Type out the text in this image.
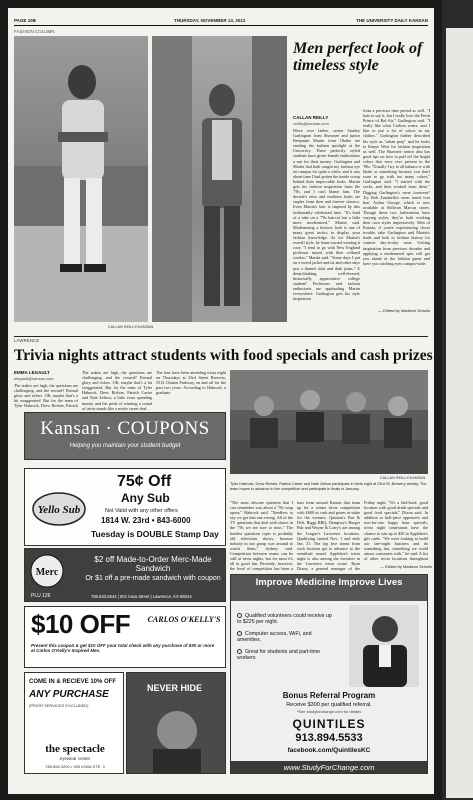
PAGE 10B	THURSDAY, NOVEMBER 13, 2012	THE UNIVERSITY DAILY KANSAN
FASHION COLUMN
CALLAN REILLY/KANSAN
Men perfect look of timeless style
CALLAN REILLY
creilly@kansan.com
Move over ladies, senior Stanley Garlington from Shawnee and junior Benjamin Martin from Olathe are stealing the fashion spotlight at the University. These perfectly styled students have given female fashionistas a run for their money. Garlington and Martin had both caught my fashion eye on campus for quite a while, and it was about time I had gotten the inside scoop behind their impeccable looks. Martin gets his fashion inspiration from the '70s, and I can't blame him. The decade's retro and northern looks are staples from then and forever classics. Even Martin's hair is inspired by this fashionably celebrated time. "It's kind of a take on a '70s haircut but a little more modernized," Martin said. Modernizing a historic look is one of many great tactics to display your fashion knowledge. As for Martin's overall style, he leans toward wearing it cozy. "I tend to go with New England professor mixed with blue collared worker," Martin said. "Some days I put on a tweed jacket and tie and other days just a flannel shirt and dark jeans." A deep-thinking, well-dressed, historically appreciative college student? Professors and fashion enthusiasts are applauding Martin everywhere. Garlington gets his style inspiration
from a previous time period as well. "I hate to say it, but I really love the Fresh Prince of Bel-Air," Garlington said. "I really like what Carlton wears, and I like to put a lot of colors in my clothes." Garlington further described his style as "urban prep" and he looks to Kanye West for fashion inspiration as well. The Shawnee senior also has good tips on how to pull off the bright colors that were ever present in the '90s. "Usually I try to all balance it with khaki or something because you don't want to go with too many colors," Garlington said. "I started with the socks, and then worked from there." Digging Garlington's neon footwear? Try Rob Zanabella's neon toned foot line, Arthur George, which is now available at Sullivan Marcus stores. Though these two fashionistas have varying styles, they're both working their own styles impressively. Men of Kansas, if you're experiencing closet trouble, take Garlington and Martin's leads and look to fashion history for context day-to-day wear. Getting inspiration from previous decades and applying a modernized spin will get you ahead of the fashion game and have you catching eyes campus-wide.
— Edited by Madison Schultz
LAWRENCE
Trivia nights attract students with food specials and cash prizes
EMMA LEGAULT
elegault@kansan.com
The stakes are high, the questions are challenging, and the reward? Eternal glory and riches. OK, maybe that's a bit exaggerated. But for the team of Tyler Habrock, Drew Richter, Patrick
The stakes are high, the questions are challenging, and the reward? Eternal glory and riches. OK, maybe that's a bit exaggerated. But for the team of Tyler Habrock, Drew Richter, Patrick Carter and Nate Zeilow, a little extra spending money and the pride of winning a round of trivia stands like a pretty sweet deal.
The four have been attending trivia night on Thursdays at 23rd Street Brewery, 3512 Clinton Parkway, on and off for the past two years. According to Habrock, a graduate
CALLAN REILLY/KANSAN
Tyler Habrock, Drew Richter, Patrick Carter and Nate Zeilow participate in trivia night at 23rd St. Brewery weekly. The team hopes to advance in the competition and participate in finals in January.
"The most obscure question that I can remember was about a '70s soap opera," Habrock said. "Needless to say we got that one wrong. All of the TV questions that deal with shows in the '70s we are sure to miss." The hardest questions topic is probably old television shows, because nobody in our group was around to watch them," Sydney said. Competition between teams can be stiff at trivia nights, but for most it's all in good fun. Recently, however, the level of competition has been a
bars from around Kansas that team up for a winter trivia competition with £600 in cash and prizes at stake for the winners. Quinton's Bar & Deli, Biggs BBQ, Dempsey's Burger Pub and Wayne & Larry's are among the League's Lawrence locations. Qualifying started Nov. 1 and ends Jan. 31. The top five teams from each location get to advance to the semifinal round. Applebee's trivia night is also among the favorites in the Lawrence trivia scene. Ryan Dixon, a general manager of the
Friday night. "It's a laid-back, good location with good drink specials and good food specials," Dixon said. In addition to half-price appetizers and two-for-one happy hour specials, trivia night contestants have the chance to win up to $30 in Applebee's gift cards. "We were looking to build our late-night business and do something fun, something we could attract customers with," he said. A list of other trivia locations throughout
— Edited by Madison Schultz
Kansan · COUPONS
Helping you maintain your student budget
Yello Sub
75¢ Off
Any Sub
Not Valid with any other offers
1814 W. 23rd • 843-6000
Tuesday is DOUBLE Stamp Day
Merc
$2 off Made-to-Order Merc-Made Sandwich
Or $1 off a pre-made sandwich with coupon
PLU 126	785.843.8544 | 901 Iowa Street | Lawrence, KS 66044
$10 OFF	CARLOS O'KELLY'S
Present this coupon & get $10 OFF your total check with any purchase of $30 or more at Carlos O'Kelly's Inspired Mex.
COME IN & RECIEVE 10% OFF
ANY PURCHASE
(PRIOR SERVICES EXCLUDED)
the spectacle
eyewear center
785.856.3200 • 935 IOWA STE. 3
NEVER HIDE
Improve Medicine Improve Lives
Qualified volunteers could receive up to $225 per night.
Computer access, WiFi, and amenities.
Great for students and part-time workers
Bonus Referral Program
Receive $300 per qualified referral.
*See studyforchange.com for details
QUINTILES
913.894.5533
facebook.com/QuintilesKC
www.StudyForChange.com
